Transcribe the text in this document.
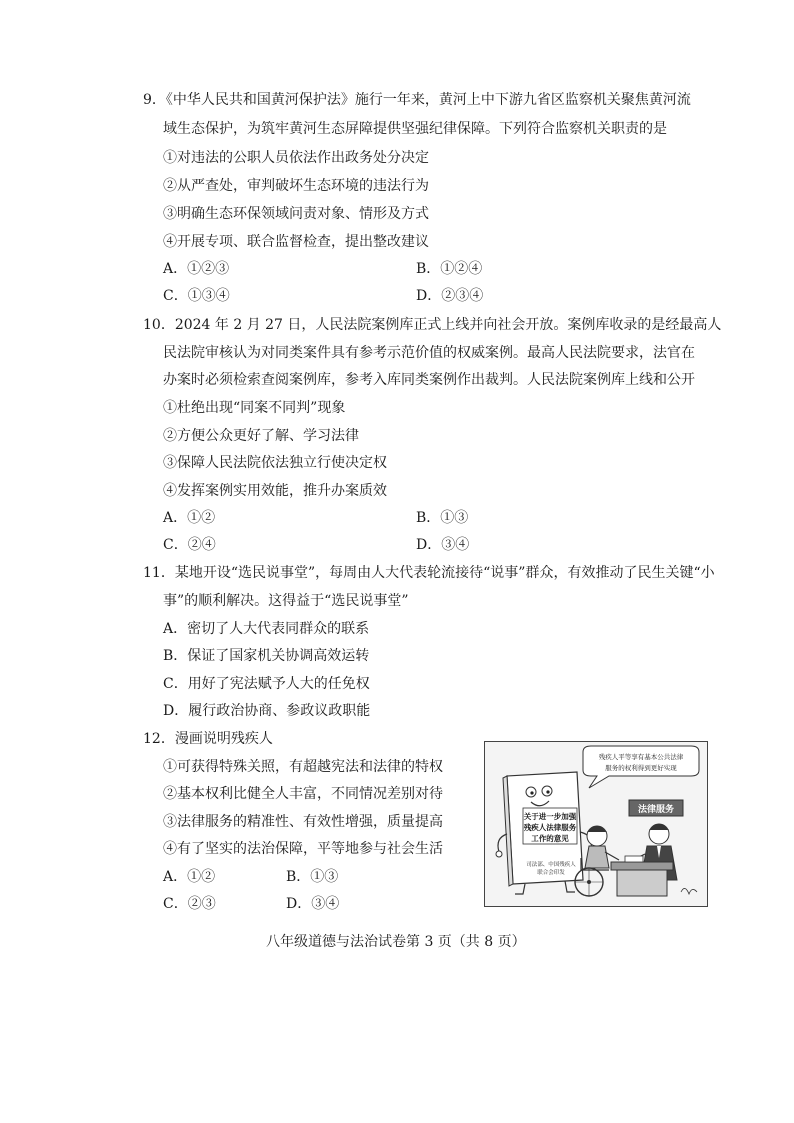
9．《中华人民共和国黄河保护法》施行一年来，黄河上中下游九省区监察机关聚焦黄河流
域生态保护，为筑牢黄河生态屏障提供坚强纪律保障。下列符合监察机关职责的是
①对违法的公职人员依法作出政务处分决定
②从严查处，审判破坏生态环境的违法行为
③明确生态环保领域问责对象、情形及方式
④开展专项、联合监督检查，提出整改建议
A．①②③	B．①②④
C．①③④	D．②③④
10．2024 年 2 月 27 日，人民法院案例库正式上线并向社会开放。案例库收录的是经最高人
民法院审核认为对同类案件具有参考示范价值的权威案例。最高人民法院要求，法官在
办案时必须检索查阅案例库，参考入库同类案例作出裁判。人民法院案例库上线和公开
①杜绝出现“同案不同判”现象
②方便公众更好了解、学习法律
③保障人民法院依法独立行使决定权
④发挥案例实用效能，推升办案质效
A．①②	B．①③
C．②④	D．③④
11．某地开设“选民说事堂”，每周由人大代表轮流接待“说事”群众，有效推动了民生关键“小
事”的顺利解决。这得益于“选民说事堂”
A．密切了人大代表同群众的联系
B．保证了国家机关协调高效运转
C．用好了宪法赋予人大的任免权
D．履行政治协商、参政议政职能
12．漫画说明残疾人
①可获得特殊关照，有超越宪法和法律的特权
②基本权利比健全人丰富，不同情况差别对待
③法律服务的精准性、有效性增强，质量提高
④有了坚实的法治保障，平等地参与社会生活
A．①②	B．①③
C．②③	D．③④
残疾人平等享有基本公共法律
服务的权利得到更好实现
关于进一步加强
残疾人法律服务
工作的意见
司法部、中国残疾人
联合会印发
法律服务
八年级道德与法治试卷第 3 页（共 8 页）
